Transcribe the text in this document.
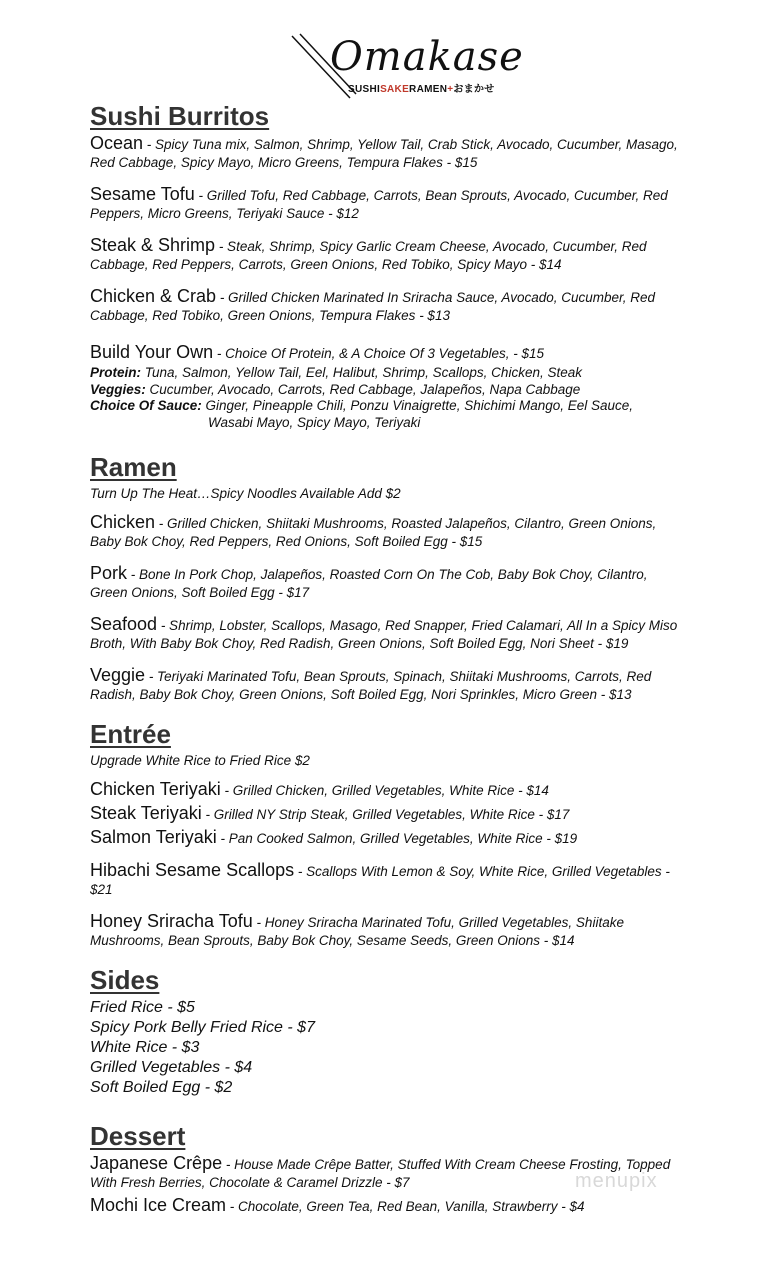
Omakase
SUSHISAKERAMEN+おまかせ
Sushi Burritos
Ocean - Spicy Tuna mix, Salmon, Shrimp, Yellow Tail, Crab Stick, Avocado, Cucumber, Masago, Red Cabbage, Spicy Mayo, Micro Greens, Tempura Flakes - $15
Sesame Tofu - Grilled Tofu, Red Cabbage, Carrots, Bean Sprouts, Avocado, Cucumber, Red Peppers, Micro Greens, Teriyaki Sauce - $12
Steak & Shrimp - Steak, Shrimp, Spicy Garlic Cream Cheese, Avocado, Cucumber, Red Cabbage, Red Peppers, Carrots, Green Onions, Red Tobiko, Spicy Mayo - $14
Chicken & Crab - Grilled Chicken Marinated In Sriracha Sauce, Avocado, Cucumber, Red Cabbage, Red Tobiko, Green Onions, Tempura Flakes - $13
Build Your Own - Choice Of Protein, & A Choice Of 3 Vegetables, - $15
Protein: Tuna, Salmon, Yellow Tail, Eel, Halibut, Shrimp, Scallops, Chicken, Steak
Veggies: Cucumber, Avocado, Carrots, Red Cabbage, Jalapeños, Napa Cabbage
Choice Of Sauce: Ginger, Pineapple Chili, Ponzu Vinaigrette, Shichimi Mango, Eel Sauce,
Wasabi Mayo, Spicy Mayo, Teriyaki
Ramen
Turn Up The Heat…Spicy Noodles Available Add $2
Chicken - Grilled Chicken, Shiitaki Mushrooms, Roasted Jalapeños, Cilantro, Green Onions, Baby Bok Choy, Red Peppers, Red Onions, Soft Boiled Egg - $15
Pork - Bone In Pork Chop, Jalapeños, Roasted Corn On The Cob, Baby Bok Choy, Cilantro, Green Onions, Soft Boiled Egg - $17
Seafood - Shrimp, Lobster, Scallops, Masago, Red Snapper, Fried Calamari, All In a Spicy Miso Broth, With Baby Bok Choy, Red Radish, Green Onions, Soft Boiled Egg, Nori Sheet - $19
Veggie - Teriyaki Marinated Tofu, Bean Sprouts, Spinach, Shiitaki Mushrooms, Carrots, Red Radish, Baby Bok Choy, Green Onions, Soft Boiled Egg, Nori Sprinkles, Micro Green - $13
Entrée
Upgrade White Rice to Fried Rice $2
Chicken Teriyaki - Grilled Chicken, Grilled Vegetables, White Rice - $14
Steak Teriyaki - Grilled NY Strip Steak, Grilled Vegetables, White Rice - $17
Salmon Teriyaki - Pan Cooked Salmon, Grilled Vegetables, White Rice - $19
Hibachi Sesame Scallops - Scallops With Lemon & Soy, White Rice, Grilled Vegetables - $21
Honey Sriracha Tofu - Honey Sriracha Marinated Tofu, Grilled Vegetables, Shiitake Mushrooms, Bean Sprouts, Baby Bok Choy, Sesame Seeds, Green Onions - $14
Sides
Fried Rice - $5
Spicy Pork Belly Fried Rice - $7
White Rice - $3
Grilled Vegetables - $4
Soft Boiled Egg - $2
Dessert
Japanese Crêpe - House Made Crêpe Batter, Stuffed With Cream Cheese Frosting, Topped With Fresh Berries, Chocolate & Caramel Drizzle - $7
Mochi Ice Cream - Chocolate, Green Tea, Red Bean, Vanilla, Strawberry - $4
menupix
